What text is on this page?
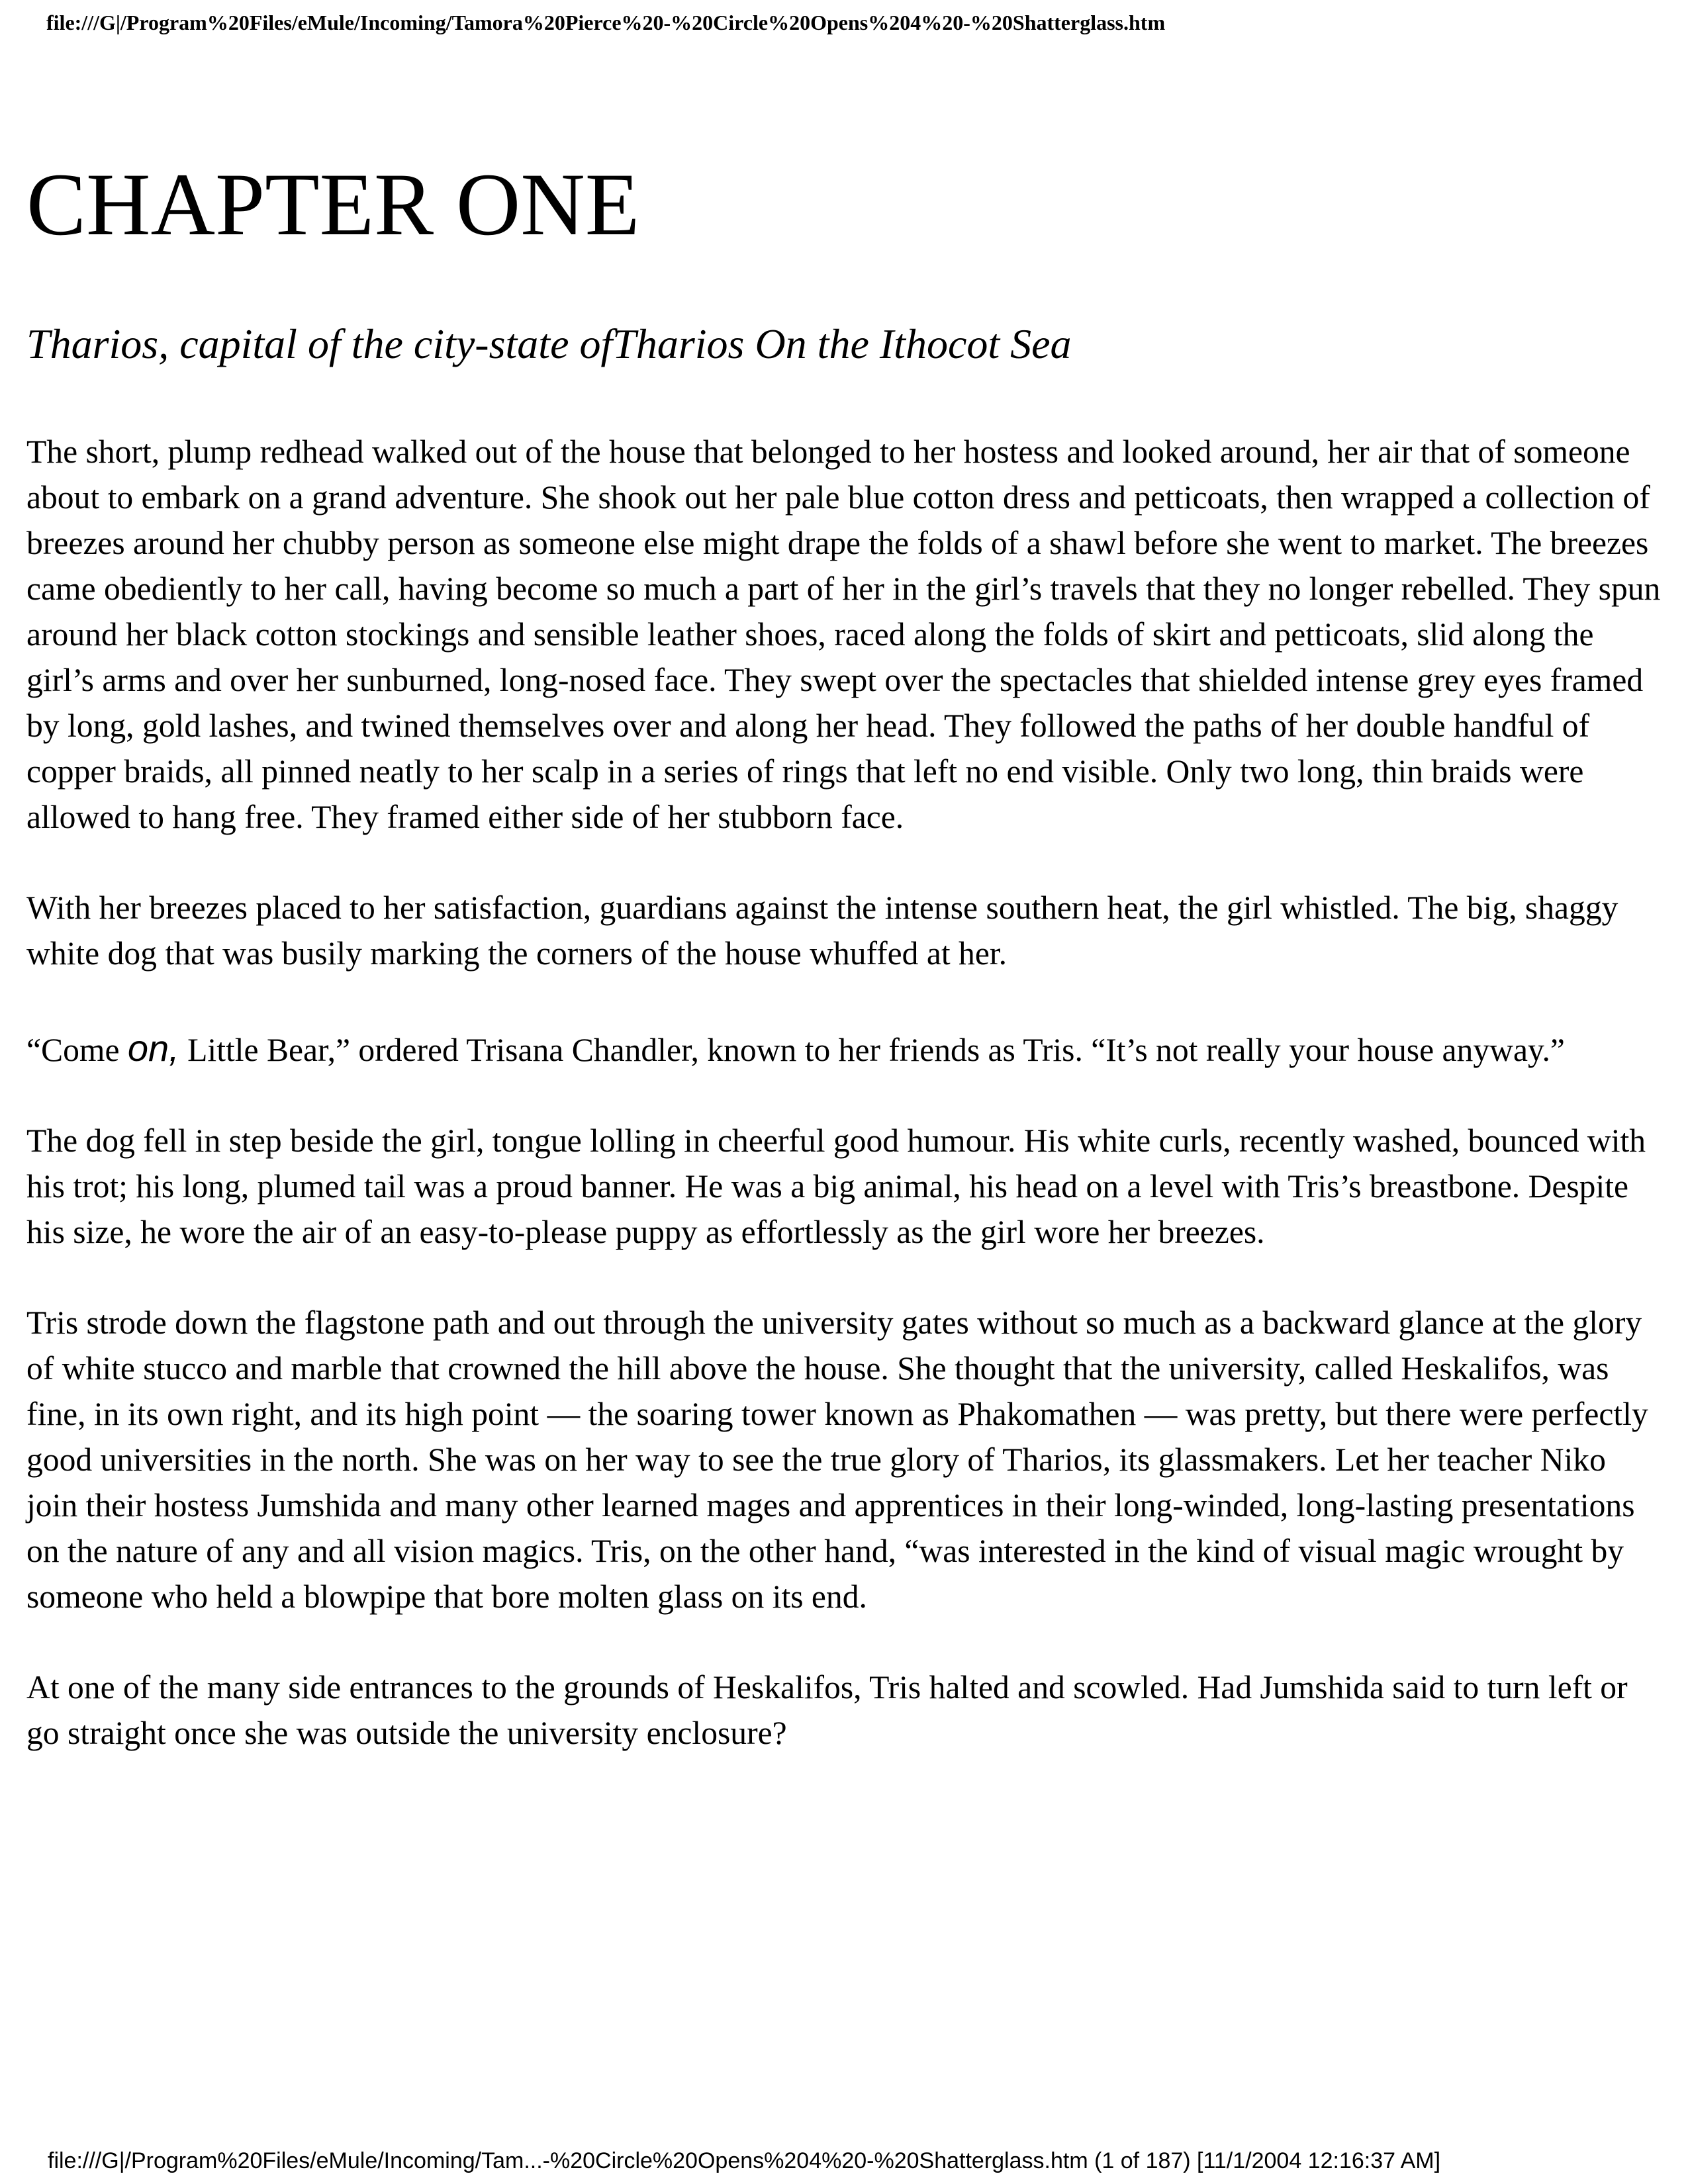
file:///G|/Program%20Files/eMule/Incoming/Tamora%20Pierce%20-%20Circle%20Opens%204%20-%20Shatterglass.htm
CHAPTER ONE
Tharios, capital of the city-state ofTharios On the Ithocot Sea

The short, plump redhead walked out of the house that belonged to her hostess and looked around, her air that of someone about to embark on a grand adventure. She shook out her pale blue cotton dress and petticoats, then wrapped a collection of breezes around her chubby person as someone else might drape the folds of a shawl before she went to market. The breezes came obediently to her call, having become so much a part of her in the girl’s travels that they no longer rebelled. They spun around her black cotton stockings and sensible leather shoes, raced along the folds of skirt and petticoats, slid along the girl’s arms and over her sunburned, long-nosed face. They swept over the spectacles that shielded intense grey eyes framed by long, gold lashes, and twined themselves over and along her head. They followed the paths of her double handful of copper braids, all pinned neatly to her scalp in a series of rings that left no end visible. Only two long, thin braids were allowed to hang free. They framed either side of her stubborn face.

With her breezes placed to her satisfaction, guardians against the intense southern heat, the girl whistled. The big, shaggy white dog that was busily marking the corners of the house whuffed at her.

“Come on, Little Bear,” ordered Trisana Chandler, known to her friends as Tris. “It’s not really your house anyway.”

The dog fell in step beside the girl, tongue lolling in cheerful good humour. His white curls, recently washed, bounced with his trot; his long, plumed tail was a proud banner. He was a big animal, his head on a level with Tris’s breastbone. Despite his size, he wore the air of an easy-to-please puppy as effortlessly as the girl wore her breezes.

Tris strode down the flagstone path and out through the university gates without so much as a backward glance at the glory of white stucco and marble that crowned the hill above the house. She thought that the university, called Heskalifos, was fine, in its own right, and its high point — the soaring tower known as Phakomathen — was pretty, but there were perfectly good universities in the north. She was on her way to see the true glory of Tharios, its glassmakers. Let her teacher Niko join their hostess Jumshida and many other learned mages and apprentices in their long-winded, long-lasting presentations on the nature of any and all vision magics. Tris, on the other hand, “was interested in the kind of visual magic wrought by someone who held a blowpipe that bore molten glass on its end.

At one of the many side entrances to the grounds of Heskalifos, Tris halted and scowled. Had Jumshida said to turn left or go straight once she was outside the university enclosure?

file:///G|/Program%20Files/eMule/Incoming/Tam...-%20Circle%20Opens%204%20-%20Shatterglass.htm (1 of 187) [11/1/2004 12:16:37 AM]
